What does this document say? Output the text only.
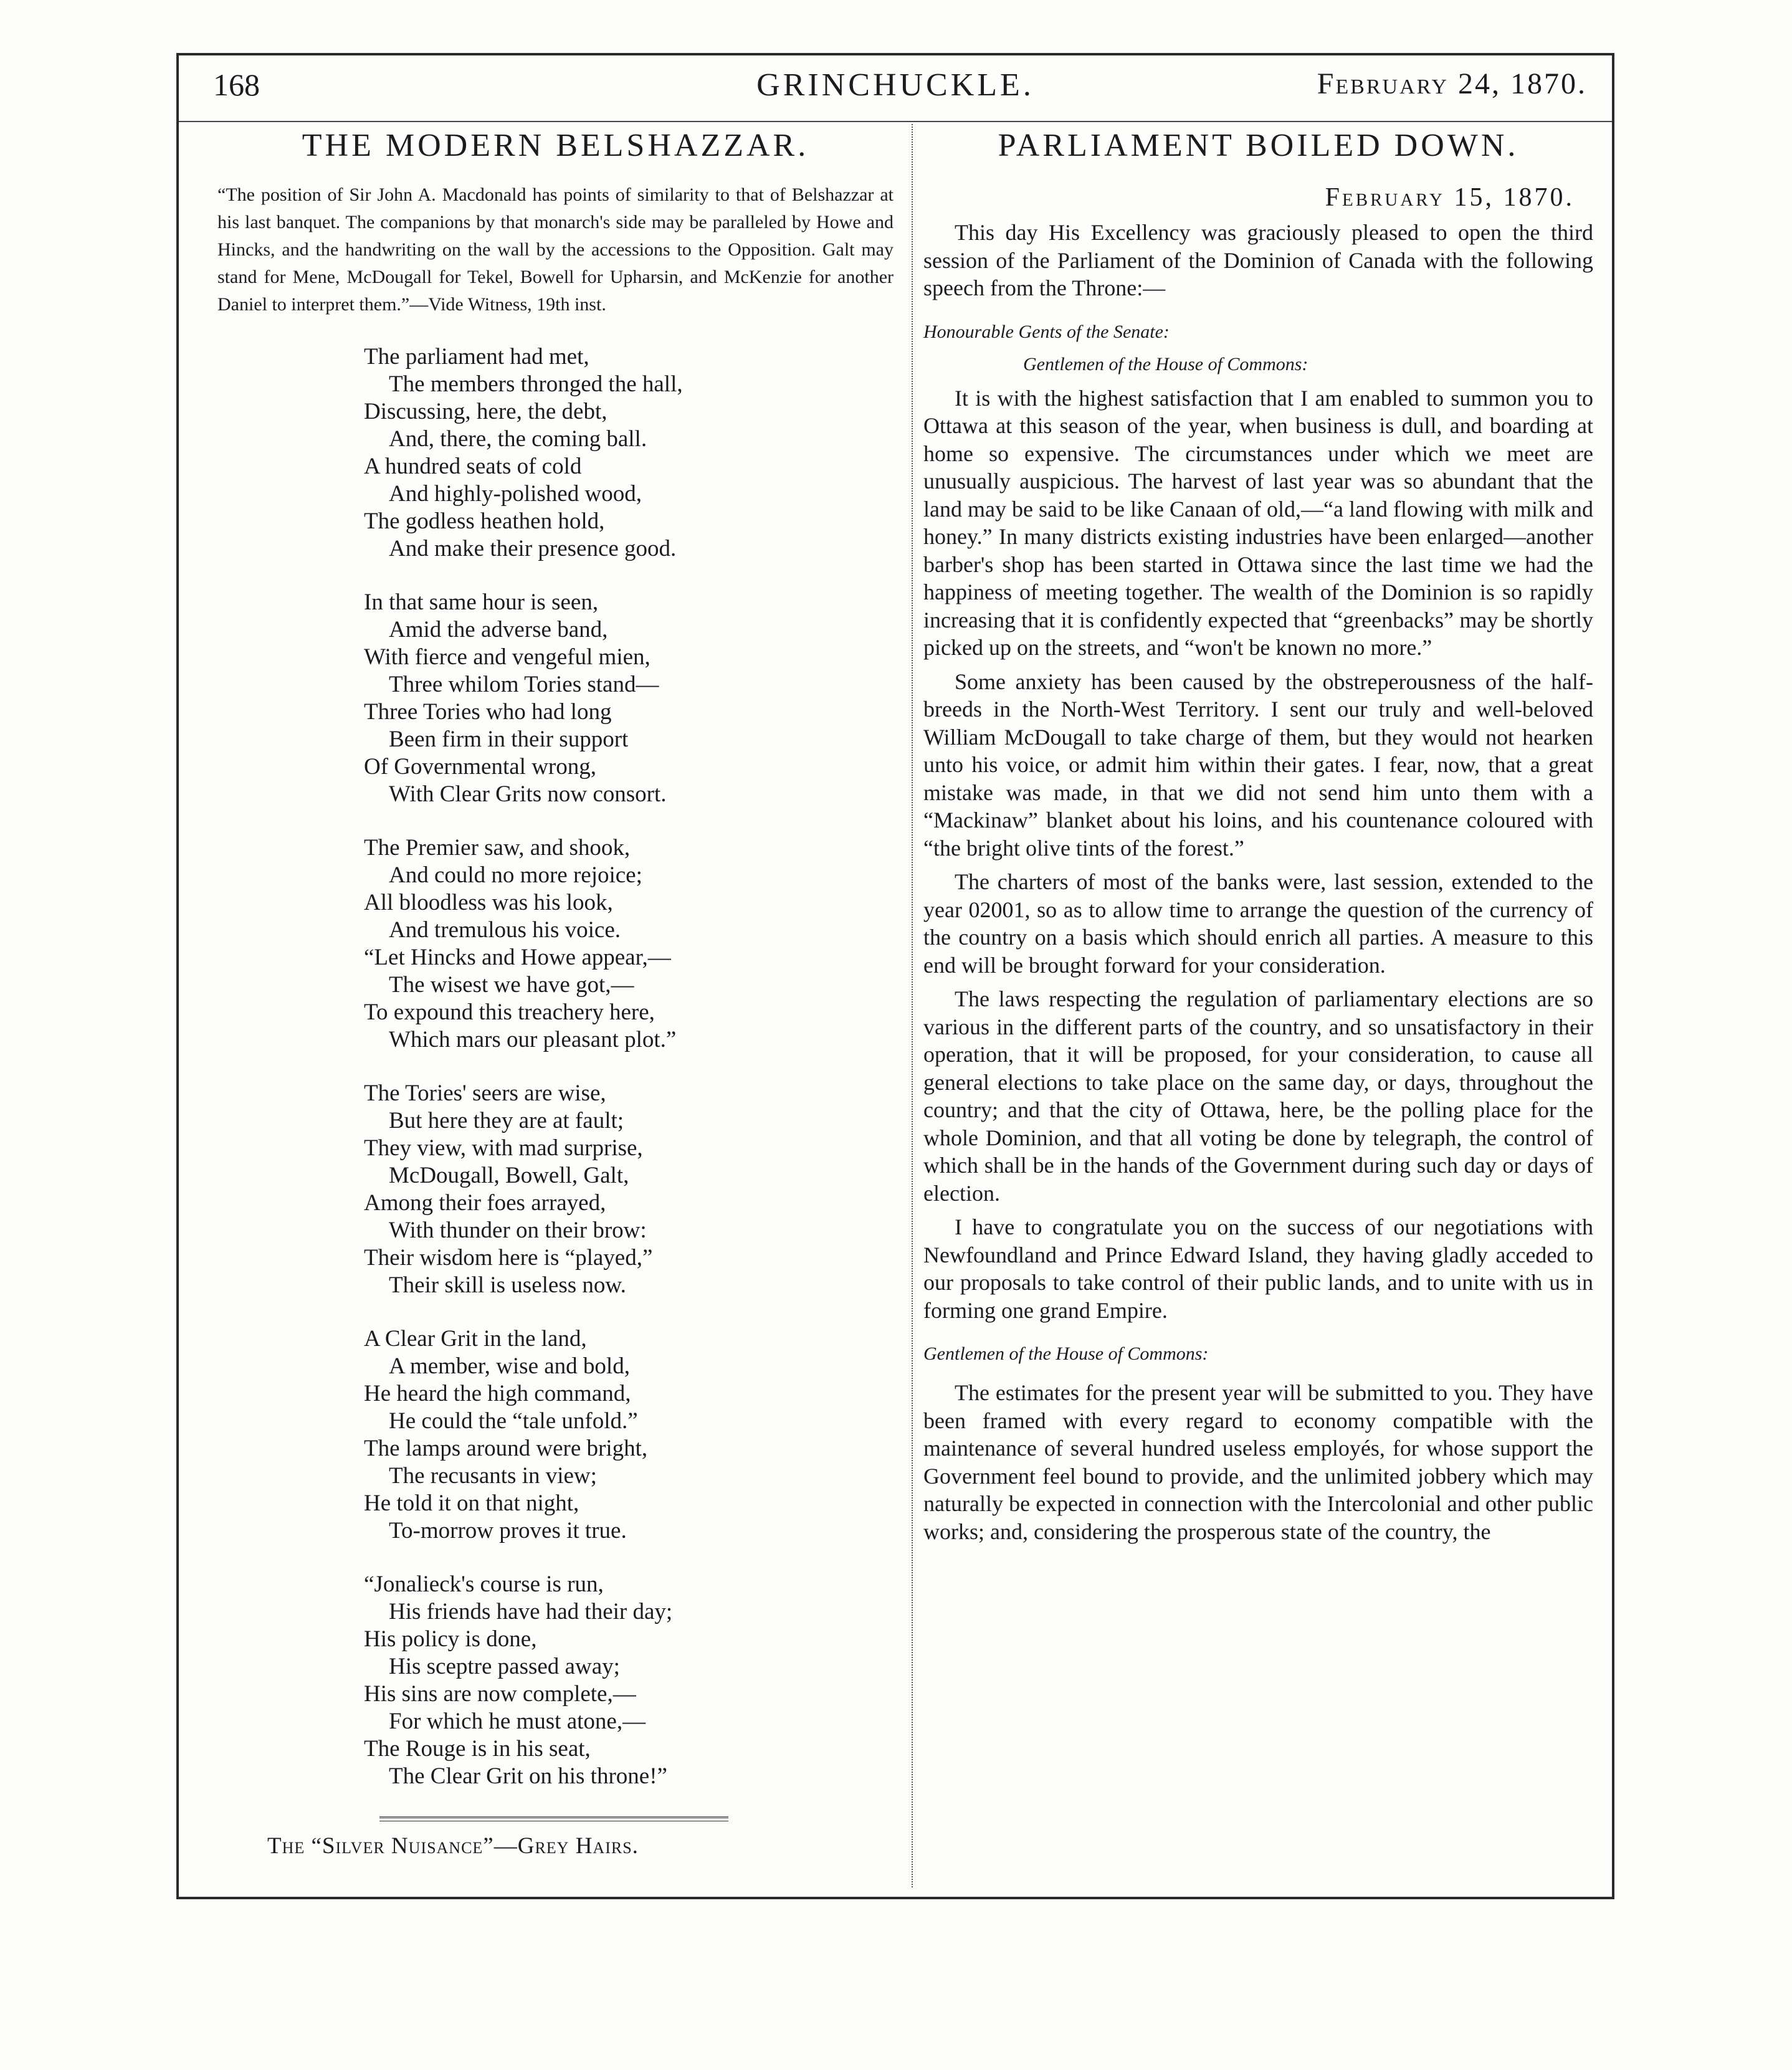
168	GRINCHUCKLE.	February 24, 1870.
THE MODERN BELSHAZZAR.

“The position of Sir John A. Macdonald has points of similarity to that of Belshazzar at his last banquet. The companions by that monarch's side may be paralleled by Howe and Hincks, and the handwriting on the wall by the accessions to the Opposition. Galt may stand for Mene, McDougall for Tekel, Bowell for Upharsin, and McKenzie for another Daniel to interpret them.”—Vide Witness, 19th inst.

The parliament had met,
The members thronged the hall,
Discussing, here, the debt,
And, there, the coming ball.
A hundred seats of cold
And highly-polished wood,
The godless heathen hold,
And make their presence good.
In that same hour is seen,
Amid the adverse band,
With fierce and vengeful mien,
Three whilom Tories stand—
Three Tories who had long
Been firm in their support
Of Governmental wrong,
With Clear Grits now consort.
The Premier saw, and shook,
And could no more rejoice;
All bloodless was his look,
And tremulous his voice.
“Let Hincks and Howe appear,—
The wisest we have got,—
To expound this treachery here,
Which mars our pleasant plot.”
The Tories' seers are wise,
But here they are at fault;
They view, with mad surprise,
McDougall, Bowell, Galt,
Among their foes arrayed,
With thunder on their brow:
Their wisdom here is “played,”
Their skill is useless now.
A Clear Grit in the land,
A member, wise and bold,
He heard the high command,
He could the “tale unfold.”
The lamps around were bright,
The recusants in view;
He told it on that night,
To-morrow proves it true.
“Jonalieck's course is run,
His friends have had their day;
His policy is done,
His sceptre passed away;
His sins are now complete,—
For which he must atone,—
The Rouge is in his seat,
The Clear Grit on his throne!”
The “Silver Nuisance”—Grey Hairs.
PARLIAMENT BOILED DOWN.
February 15, 1870.

This day His Excellency was graciously pleased to open the third session of the Parliament of the Dominion of Canada with the following speech from the Throne:—

Honourable Gents of the Senate:

Gentlemen of the House of Commons:

It is with the highest satisfaction that I am enabled to summon you to Ottawa at this season of the year, when business is dull, and boarding at home so expensive. The circumstances under which we meet are unusually auspicious. The harvest of last year was so abundant that the land may be said to be like Canaan of old,—“a land flowing with milk and honey.” In many districts existing industries have been enlarged—another barber's shop has been started in Ottawa since the last time we had the happiness of meeting together. The wealth of the Dominion is so rapidly increasing that it is confidently expected that “greenbacks” may be shortly picked up on the streets, and “won't be known no more.”

Some anxiety has been caused by the obstreperousness of the half-breeds in the North-West Territory. I sent our truly and well-beloved William McDougall to take charge of them, but they would not hearken unto his voice, or admit him within their gates. I fear, now, that a great mistake was made, in that we did not send him unto them with a “Mackinaw” blanket about his loins, and his countenance coloured with “the bright olive tints of the forest.”

The charters of most of the banks were, last session, extended to the year 02001, so as to allow time to arrange the question of the currency of the country on a basis which should enrich all parties. A measure to this end will be brought forward for your consideration.

The laws respecting the regulation of parliamentary elections are so various in the different parts of the country, and so unsatisfactory in their operation, that it will be proposed, for your consideration, to cause all general elections to take place on the same day, or days, throughout the country; and that the city of Ottawa, here, be the polling place for the whole Dominion, and that all voting be done by telegraph, the control of which shall be in the hands of the Government during such day or days of election.

I have to congratulate you on the success of our negotiations with Newfoundland and Prince Edward Island, they having gladly acceded to our proposals to take control of their public lands, and to unite with us in forming one grand Empire.

Gentlemen of the House of Commons:

The estimates for the present year will be submitted to you. They have been framed with every regard to economy compatible with the maintenance of several hundred useless employés, for whose support the Government feel bound to provide, and the unlimited jobbery which may naturally be expected in connection with the Intercolonial and other public works; and, considering the prosperous state of the country, the
